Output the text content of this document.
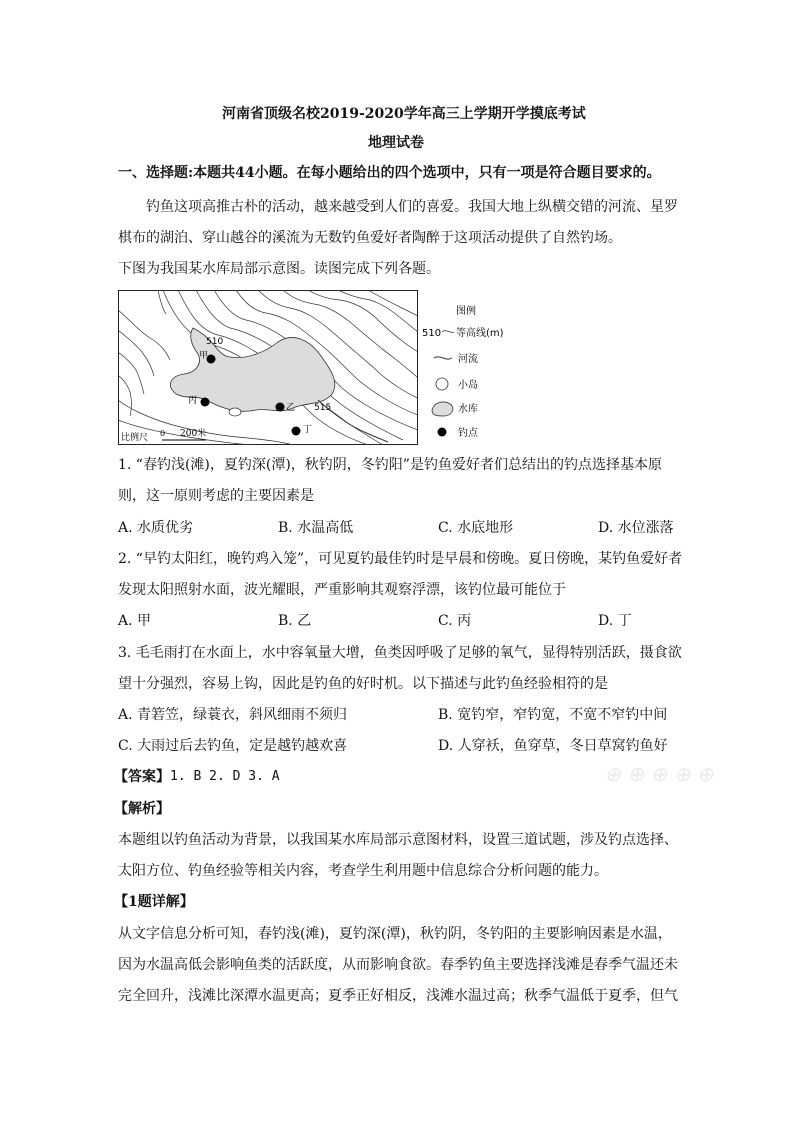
河南省顶级名校2019-2020学年高三上学期开学摸底考试
地理试卷
一、选择题:本题共44小题。在每小题给出的四个选项中，只有一项是符合题目要求的。
钓鱼这项高推古朴的活动，越来越受到人们的喜爱。我国大地上纵横交错的河流、星罗
棋布的湖泊、穿山越谷的溪流为无数钓鱼爱好者陶醉于这项活动提供了自然钓场。
下图为我国某水库局部示意图。读图完成下列各题。
510
515
甲
丙
乙
丁
比例尺 0 200米
图例
510 等高线(m)
河流
小岛
水库
钓点
1. “春钓浅(滩)，夏钓深(潭)，秋钓阴，冬钓阳”是钓鱼爱好者们总结出的钓点选择基本原
则，这一原则考虑的主要因素是
A. 水质优劣	B. 水温高低	C. 水底地形	D. 水位涨落
2. “早钓太阳红，晚钓鸡入笼”，可见夏钓最佳钓时是早晨和傍晚。夏日傍晚，某钓鱼爱好者
发现太阳照射水面，波光耀眼，严重影响其观察浮漂，该钓位最可能位于
A. 甲	B. 乙	C. 丙	D. 丁
3. 毛毛雨打在水面上，水中容氧量大增，鱼类因呼吸了足够的氧气，显得特别活跃，摄食欲
望十分强烈，容易上钩，因此是钓鱼的好时机。以下描述与此钓鱼经验相符的是
A. 青箬笠，绿蓑衣，斜风细雨不须归	B. 宽钓窄，窄钓宽，不宽不窄钓中间
C. 大雨过后去钓鱼，定是越钓越欢喜	D. 人穿袄，鱼穿草，冬日草窝钓鱼好
【答案】 1. B 2. D 3. A	⊕ ⊕ ⊕ ⊕ ⊕
【解析】
本题组以钓鱼活动为背景，以我国某水库局部示意图材料，设置三道试题，涉及钓点选择、
太阳方位、钓鱼经验等相关内容，考查学生利用题中信息综合分析问题的能力。
【1题详解】
从文字信息分析可知，春钓浅(滩)，夏钓深(潭)，秋钓阴，冬钓阳的主要影响因素是水温，
因为水温高低会影响鱼类的活跃度，从而影响食欲。春季钓鱼主要选择浅滩是春季气温还未
完全回升，浅滩比深潭水温更高；夏季正好相反，浅滩水温过高；秋季气温低于夏季，但气
